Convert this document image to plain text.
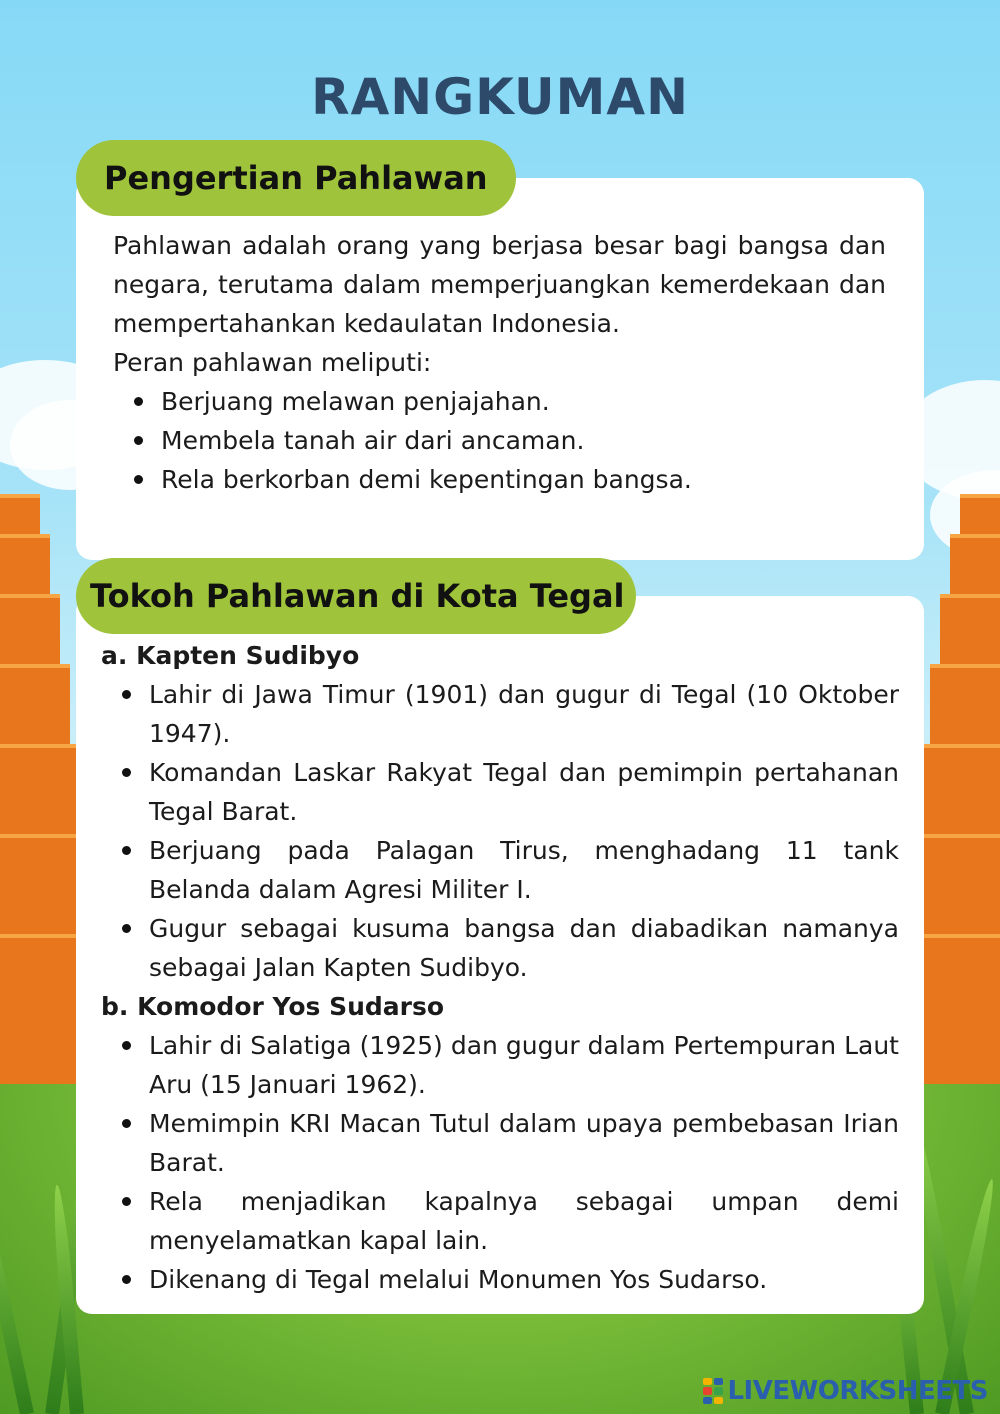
RANGKUMAN
Pengertian Pahlawan

Pahlawan adalah orang yang berjasa besar bagi bangsa dan negara, terutama dalam memperjuangkan kemerdekaan dan mempertahankan kedaulatan Indonesia.

Peran pahlawan meliputi:

Berjuang melawan penjajahan.
Membela tanah air dari ancaman.
Rela berkorban demi kepentingan bangsa.
Tokoh Pahlawan di Kota Tegal

a. Kapten Sudibyo

Lahir di Jawa Timur (1901) dan gugur di Tegal (10 Oktober 1947).
Komandan Laskar Rakyat Tegal dan pemimpin pertahanan Tegal Barat.
Berjuang pada Palagan Tirus, menghadang 11 tank Belanda dalam Agresi Militer I.
Gugur sebagai kusuma bangsa dan diabadikan namanya sebagai Jalan Kapten Sudibyo.

b. Komodor Yos Sudarso

Lahir di Salatiga (1925) dan gugur dalam Pertempuran Laut Aru (15 Januari 1962).
Memimpin KRI Macan Tutul dalam upaya pembebasan Irian Barat.
Rela menjadikan kapalnya sebagai umpan demi menyelamatkan kapal lain.
Dikenang di Tegal melalui Monumen Yos Sudarso.
LIVEWORKSHEETS
